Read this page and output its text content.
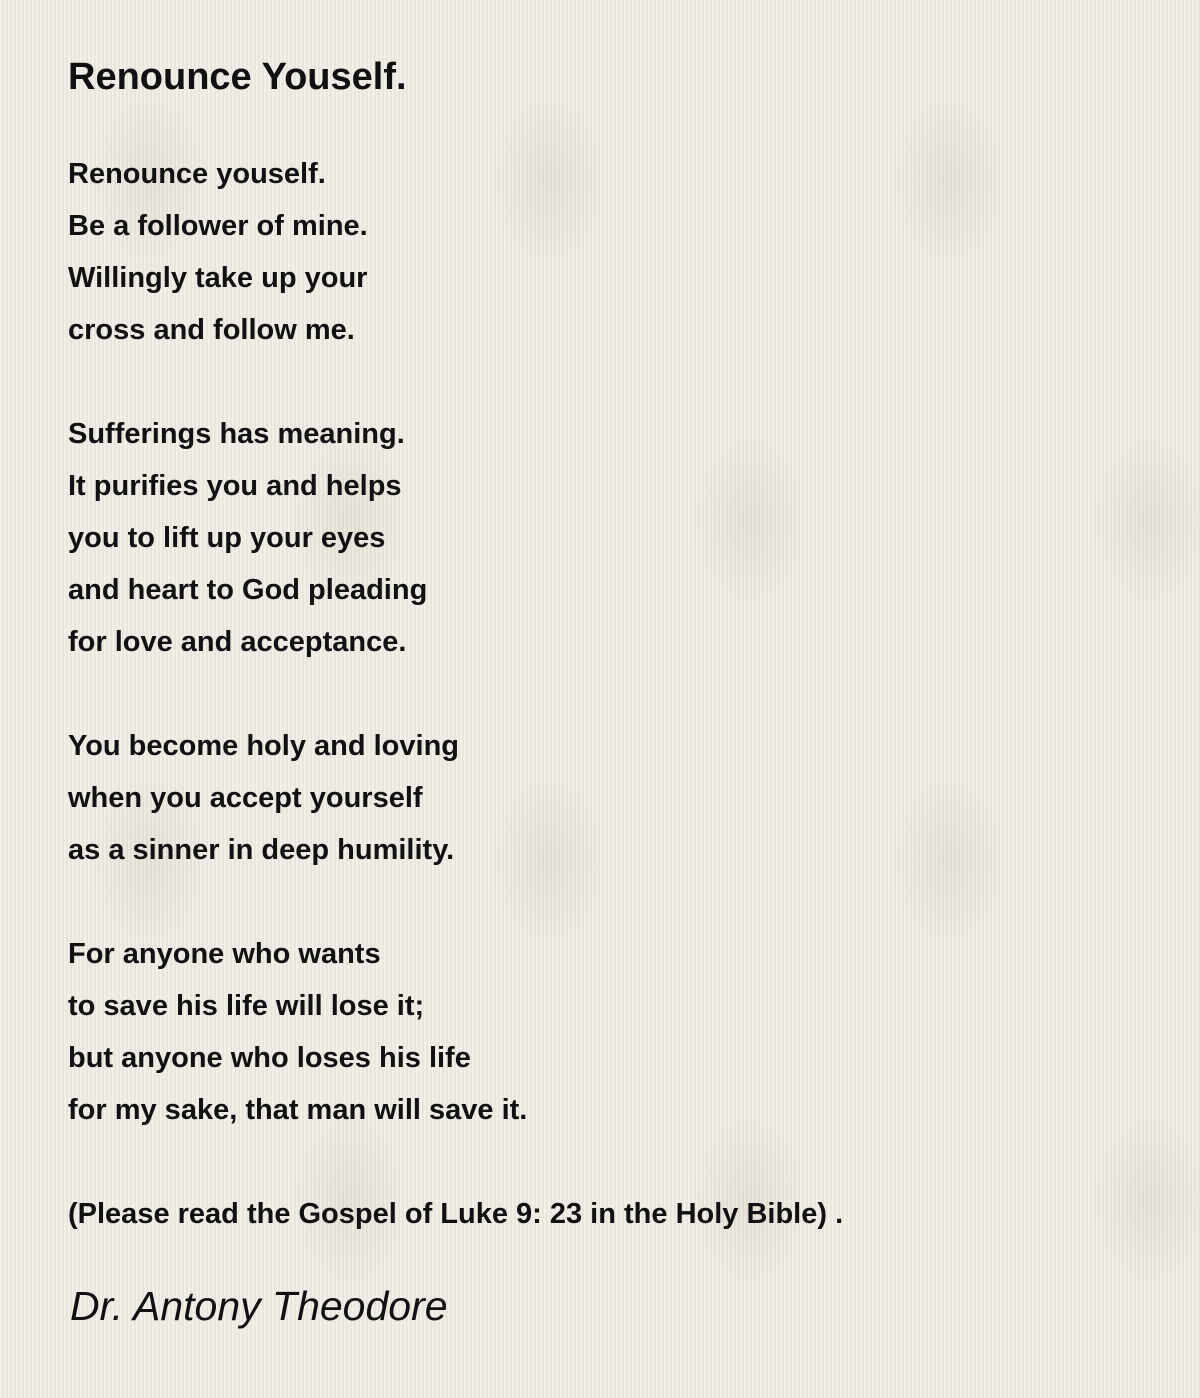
Renounce Youself.
Renounce youself.
Be a follower of mine.
Willingly take up your
cross and follow me.
Sufferings has meaning.
It purifies you and helps
you to lift up your eyes
and heart to God pleading
for love and acceptance.
You become holy and loving
when you accept yourself
as a sinner in deep humility.
For anyone who wants
to save his life will lose it;
but anyone who loses his life
for my sake, that man will save it.
(Please read the Gospel of Luke 9: 23 in the Holy Bible) .
Dr. Antony Theodore
